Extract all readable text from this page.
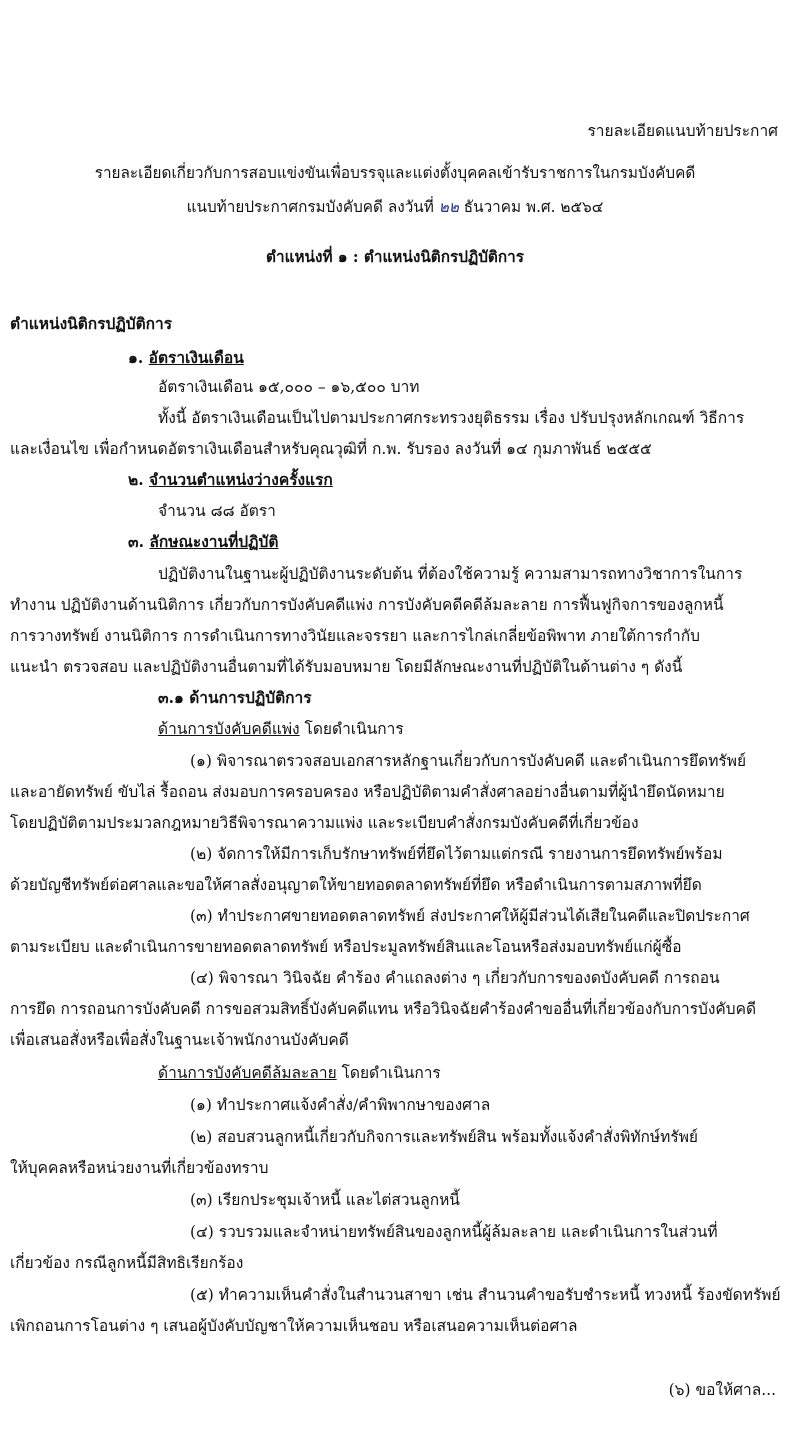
รายละเอียดแนบท้ายประกาศ
รายละเอียดเกี่ยวกับการสอบแข่งขันเพื่อบรรจุและแต่งตั้งบุคคลเข้ารับราชการในกรมบังคับคดี
แนบท้ายประกาศกรมบังคับคดี ลงวันที่ ๒๒ ธันวาคม พ.ศ. ๒๕๖๔
ตำแหน่งที่ ๑ : ตำแหน่งนิติกรปฏิบัติการ
ตำแหน่งนิติกรปฏิบัติการ
๑. อัตราเงินเดือน
อัตราเงินเดือน ๑๕,๐๐๐ – ๑๖,๕๐๐ บาท
ทั้งนี้ อัตราเงินเดือนเป็นไปตามประกาศกระทรวงยุติธรรม เรื่อง ปรับปรุงหลักเกณฑ์ วิธีการ
และเงื่อนไข เพื่อกำหนดอัตราเงินเดือนสำหรับคุณวุฒิที่ ก.พ. รับรอง ลงวันที่ ๑๔ กุมภาพันธ์ ๒๕๕๕
๒. จำนวนตำแหน่งว่างครั้งแรก
จำนวน ๘๘ อัตรา
๓. ลักษณะงานที่ปฏิบัติ
ปฏิบัติงานในฐานะผู้ปฏิบัติงานระดับต้น ที่ต้องใช้ความรู้ ความสามารถทางวิชาการในการ
ทำงาน ปฏิบัติงานด้านนิติการ เกี่ยวกับการบังคับคดีแพ่ง การบังคับคดีคดีล้มละลาย การฟื้นฟูกิจการของลูกหนี้
การวางทรัพย์ งานนิติการ การดำเนินการทางวินัยและจรรยา และการไกล่เกลี่ยข้อพิพาท ภายใต้การกำกับ
แนะนำ ตรวจสอบ และปฏิบัติงานอื่นตามที่ได้รับมอบหมาย โดยมีลักษณะงานที่ปฏิบัติในด้านต่าง ๆ ดังนี้
๓.๑ ด้านการปฏิบัติการ
ด้านการบังคับคดีแพ่ง โดยดำเนินการ
(๑) พิจารณาตรวจสอบเอกสารหลักฐานเกี่ยวกับการบังคับคดี และดำเนินการยึดทรัพย์
และอายัดทรัพย์ ขับไล่ รื้อถอน ส่งมอบการครอบครอง หรือปฏิบัติตามคำสั่งศาลอย่างอื่นตามที่ผู้นำยึดนัดหมาย
โดยปฏิบัติตามประมวลกฎหมายวิธีพิจารณาความแพ่ง และระเบียบคำสั่งกรมบังคับคดีที่เกี่ยวข้อง
(๒) จัดการให้มีการเก็บรักษาทรัพย์ที่ยึดไว้ตามแต่กรณี รายงานการยึดทรัพย์พร้อม
ด้วยบัญชีทรัพย์ต่อศาลและขอให้ศาลสั่งอนุญาตให้ขายทอดตลาดทรัพย์ที่ยึด หรือดำเนินการตามสภาพที่ยึด
(๓) ทำประกาศขายทอดตลาดทรัพย์ ส่งประกาศให้ผู้มีส่วนได้เสียในคดีและปิดประกาศ
ตามระเบียบ และดำเนินการขายทอดตลาดทรัพย์ หรือประมูลทรัพย์สินและโอนหรือส่งมอบทรัพย์แก่ผู้ซื้อ
(๔) พิจารณา วินิจฉัย คำร้อง คำแถลงต่าง ๆ เกี่ยวกับการของดบังคับคดี การถอน
การยึด การถอนการบังคับคดี การขอสวมสิทธิ์บังคับคดีแทน หรือวินิจฉัยคำร้องคำขออื่นที่เกี่ยวข้องกับการบังคับคดี
เพื่อเสนอสั่งหรือเพื่อสั่งในฐานะเจ้าพนักงานบังคับคดี
ด้านการบังคับคดีล้มละลาย โดยดำเนินการ
(๑) ทำประกาศแจ้งคำสั่ง/คำพิพากษาของศาล
(๒) สอบสวนลูกหนี้เกี่ยวกับกิจการและทรัพย์สิน พร้อมทั้งแจ้งคำสั่งพิทักษ์ทรัพย์
ให้บุคคลหรือหน่วยงานที่เกี่ยวข้องทราบ
(๓) เรียกประชุมเจ้าหนี้ และไต่สวนลูกหนี้
(๔) รวบรวมและจำหน่ายทรัพย์สินของลูกหนี้ผู้ล้มละลาย และดำเนินการในส่วนที่
เกี่ยวข้อง กรณีลูกหนี้มีสิทธิเรียกร้อง
(๕) ทำความเห็นคำสั่งในสำนวนสาขา เช่น สำนวนคำขอรับชำระหนี้ ทวงหนี้ ร้องขัดทรัพย์
เพิกถอนการโอนต่าง ๆ เสนอผู้บังคับบัญชาให้ความเห็นชอบ หรือเสนอความเห็นต่อศาล
(๖) ขอให้ศาล...
